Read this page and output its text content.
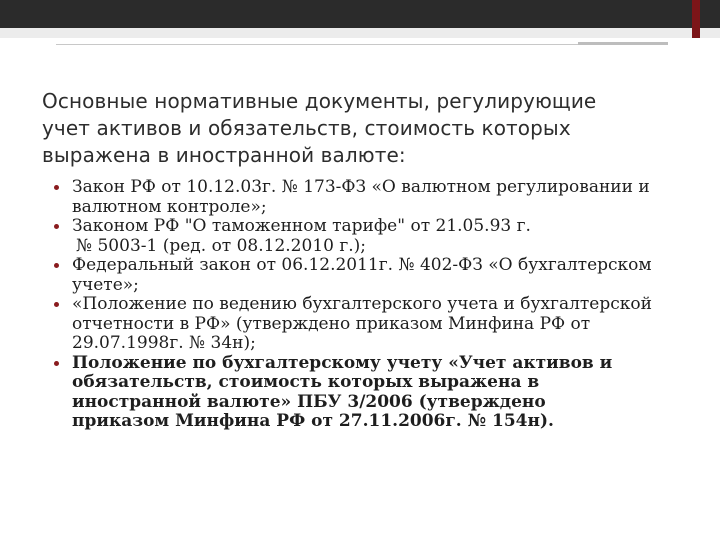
Основные нормативные документы, регулирующие
учет активов и обязательств, стоимость которых
выражена в иностранной валюте:
Закон РФ от 10.12.03г. № 173-ФЗ «О валютном регулировании и
валютном контроле»;
Законом РФ "О таможенном тарифе" от 21.05.93 г.
№ 5003-1 (ред. от 08.12.2010 г.);
Федеральный закон от 06.12.2011г. № 402-ФЗ «О бухгалтерском
учете»;
«Положение по ведению бухгалтерского учета и бухгалтерской
отчетности в РФ» (утверждено приказом Минфина РФ от
29.07.1998г. № 34н);
Положение по бухгалтерскому учету «Учет активов и
обязательств, стоимость которых выражена в
иностранной валюте» ПБУ 3/2006 (утверждено
приказом Минфина РФ от 27.11.2006г. № 154н).
